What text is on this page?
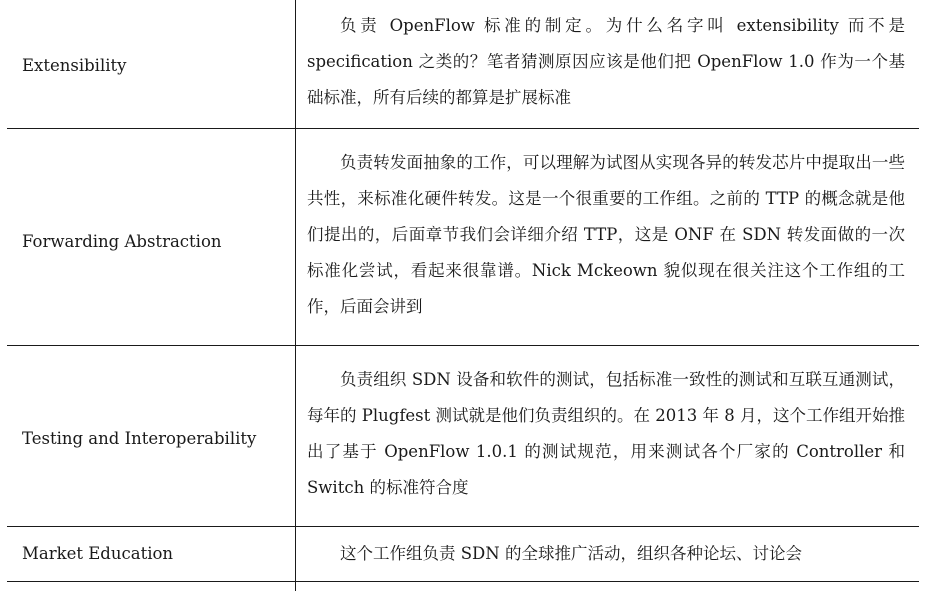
Extensibility

负责 OpenFlow 标准的制定。为什么名字叫 extensibility 而不是 specification 之类的？笔者猜测原因应该是他们把 OpenFlow 1.0 作为一个基础标准，所有后续的都算是扩展标准

Forwarding Abstraction

负责转发面抽象的工作，可以理解为试图从实现各异的转发芯片中提取出一些共性，来标准化硬件转发。这是一个很重要的工作组。之前的 TTP 的概念就是他们提出的，后面章节我们会详细介绍 TTP，这是 ONF 在 SDN 转发面做的一次标准化尝试，看起来很靠谱。Nick Mckeown 貌似现在很关注这个工作组的工作，后面会讲到

Testing and Interoperability

负责组织 SDN 设备和软件的测试，包括标准一致性的测试和互联互通测试，每年的 Plugfest 测试就是他们负责组织的。在 2013 年 8 月，这个工作组开始推出了基于 OpenFlow 1.0.1 的测试规范，用来测试各个厂家的 Controller 和 Switch 的标准符合度

Market Education	这个工作组负责 SDN 的全球推广活动，组织各种论坛、讨论会
